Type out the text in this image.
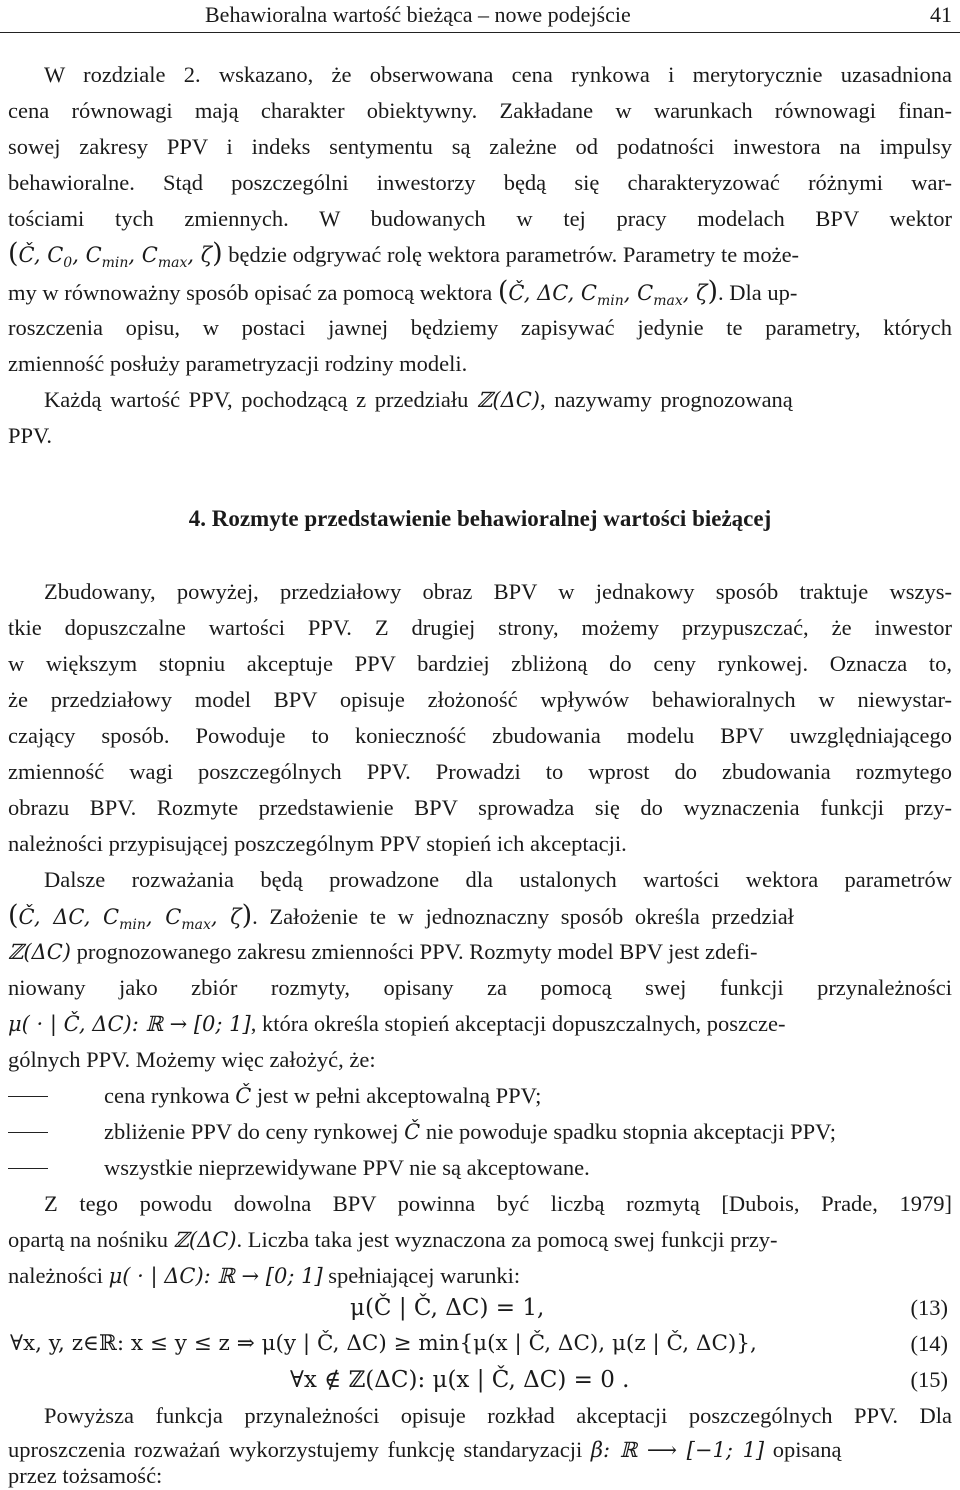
Behawioralna wartość bieżąca – nowe podejście	41
W rozdziale 2. wskazano, że obserwowana cena rynkowa i merytorycznie uzasadniona
cena równowagi mają charakter obiektywny. Zakładane w warunkach równowagi finan-
sowej zakresy PPV i indeks sentymentu są zależne od podatności inwestora na impulsy
behawioralne. Stąd poszczególni inwestorzy będą się charakteryzować różnymi war-
tościami tych zmiennych. W budowanych w tej pracy modelach BPV wektor
(Č, $C_0$, $C_{min}$, $C_{max}$, ζ) będzie odgrywać rolę wektora parametrów. Parametry te może-
my w równoważny sposób opisać za pomocą wektora (Č, ΔC, $C_{min}$, $C_{max}$, ζ). Dla up-
roszczenia opisu, w postaci jawnej będziemy zapisywać jedynie te parametry, których
zmienność posłuży parametryzacji rodziny modeli.
Każdą wartość PPV, pochodzącą z przedziału ℤ(ΔC), nazywamy prognozowaną
PPV.
4. Rozmyte przedstawienie behawioralnej wartości bieżącej
Zbudowany, powyżej, przedziałowy obraz BPV w jednakowy sposób traktuje wszys-
tkie dopuszczalne wartości PPV. Z drugiej strony, możemy przypuszczać, że inwestor
w większym stopniu akceptuje PPV bardziej zbliżoną do ceny rynkowej. Oznacza to,
że przedziałowy model BPV opisuje złożoność wpływów behawioralnych w niewystar-
czający sposób. Powoduje to konieczność zbudowania modelu BPV uwzględniającego
zmienność wagi poszczególnych PPV. Prowadzi to wprost do zbudowania rozmytego
obrazu BPV. Rozmyte przedstawienie BPV sprowadza się do wyznaczenia funkcji przy-
należności przypisującej poszczególnym PPV stopień ich akceptacji.
Dalsze rozważania będą prowadzone dla ustalonych wartości wektora parametrów
(Č, ΔC, $C_{min}$, $C_{max}$, ζ). Założenie te w jednoznaczny sposób określa przedział
ℤ(ΔC) prognozowanego zakresu zmienności PPV. Rozmyty model BPV jest zdefi-
niowany jako zbiór rozmyty, opisany za pomocą swej funkcji przynależności
μ( · | Č, ΔC): ℝ → [0; 1], która określa stopień akceptacji dopuszczalnych, poszcze-
gólnych PPV. Możemy więc założyć, że:
cena rynkowa Č jest w pełni akceptowalną PPV;
zbliżenie PPV do ceny rynkowej Č nie powoduje spadku stopnia akceptacji PPV;
wszystkie nieprzewidywane PPV nie są akceptowane.
Z tego powodu dowolna BPV powinna być liczbą rozmytą [Dubois, Prade, 1979]
opartą na nośniku ℤ(ΔC). Liczba taka jest wyznaczona za pomocą swej funkcji przy-
należności μ( · | ΔC): ℝ → [0; 1] spełniającej warunki:
μ(Č | Č, ΔC) = 1,	(13)
∀x, y, z∈ℝ: x ≤ y ≤ z ⇒ μ(y | Č, ΔC) ≥ min{μ(x | Č, ΔC), μ(z | Č, ΔC)},	(14)
∀x ∉ ℤ(ΔC): μ(x | Č, ΔC) = 0 .	(15)
Powyższa funkcja przynależności opisuje rozkład akceptacji poszczególnych PPV. Dla
uproszczenia rozważań wykorzystujemy funkcję standaryzacji β: ℝ ⟶ [−1; 1] opisaną
przez tożsamość:
